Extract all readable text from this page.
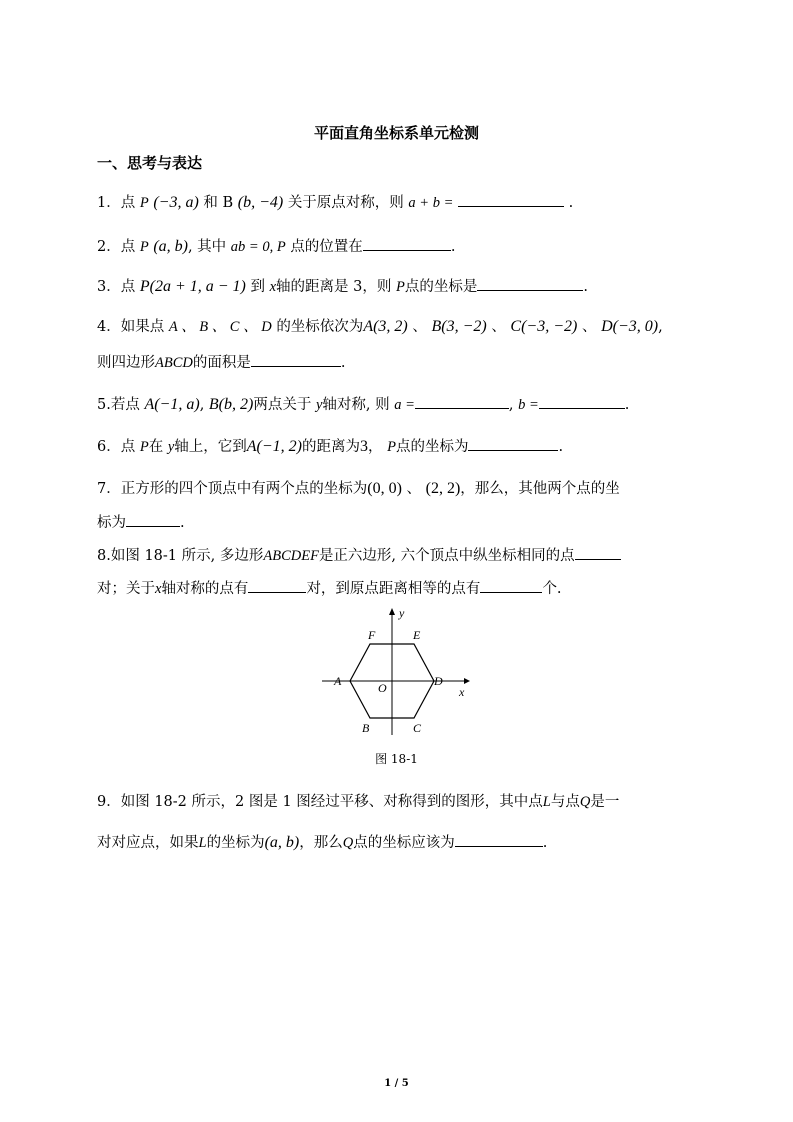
平面直角坐标系单元检测
一、思考与表达
1．点 P (−3, a) 和 B (b, −4) 关于原点对称，则 a + b =	.
2．点 P (a, b), 其中 ab = 0, P 点的位置在	.
3．点 P(2a + 1, a − 1) 到 x轴的距离是 3，则 P点的坐标是	.
4．如果点 A 、 B 、 C 、 D 的坐标依次为A(3, 2) 、 B(3, −2) 、 C(−3, −2) 、 D(−3, 0),
则四边形ABCD的面积是	.
5.若点 A(−1, a), B(b, 2)两点关于 y轴对称, 则 a =	, b =	.
6．点 P在 y轴上，它到A(−1, 2)的距离为3， P点的坐标为	.
7．正方形的四个顶点中有两个点的坐标为(0, 0) 、 (2, 2)，那么，其他两个点的坐
标为	.
8.如图 18-1 所示, 多边形ABCDEF是正六边形, 六个顶点中纵坐标相同的点
对；关于x轴对称的点有	对，到原点距离相等的点有	个.
A
B	C
D
E
F
O	x
y
图 18-1
9．如图 18-2 所示，2 图是 1 图经过平移、对称得到的图形，其中点L与点Q是一
对对应点，如果L的坐标为(a, b)，那么Q点的坐标应该为	.
1 / 5
